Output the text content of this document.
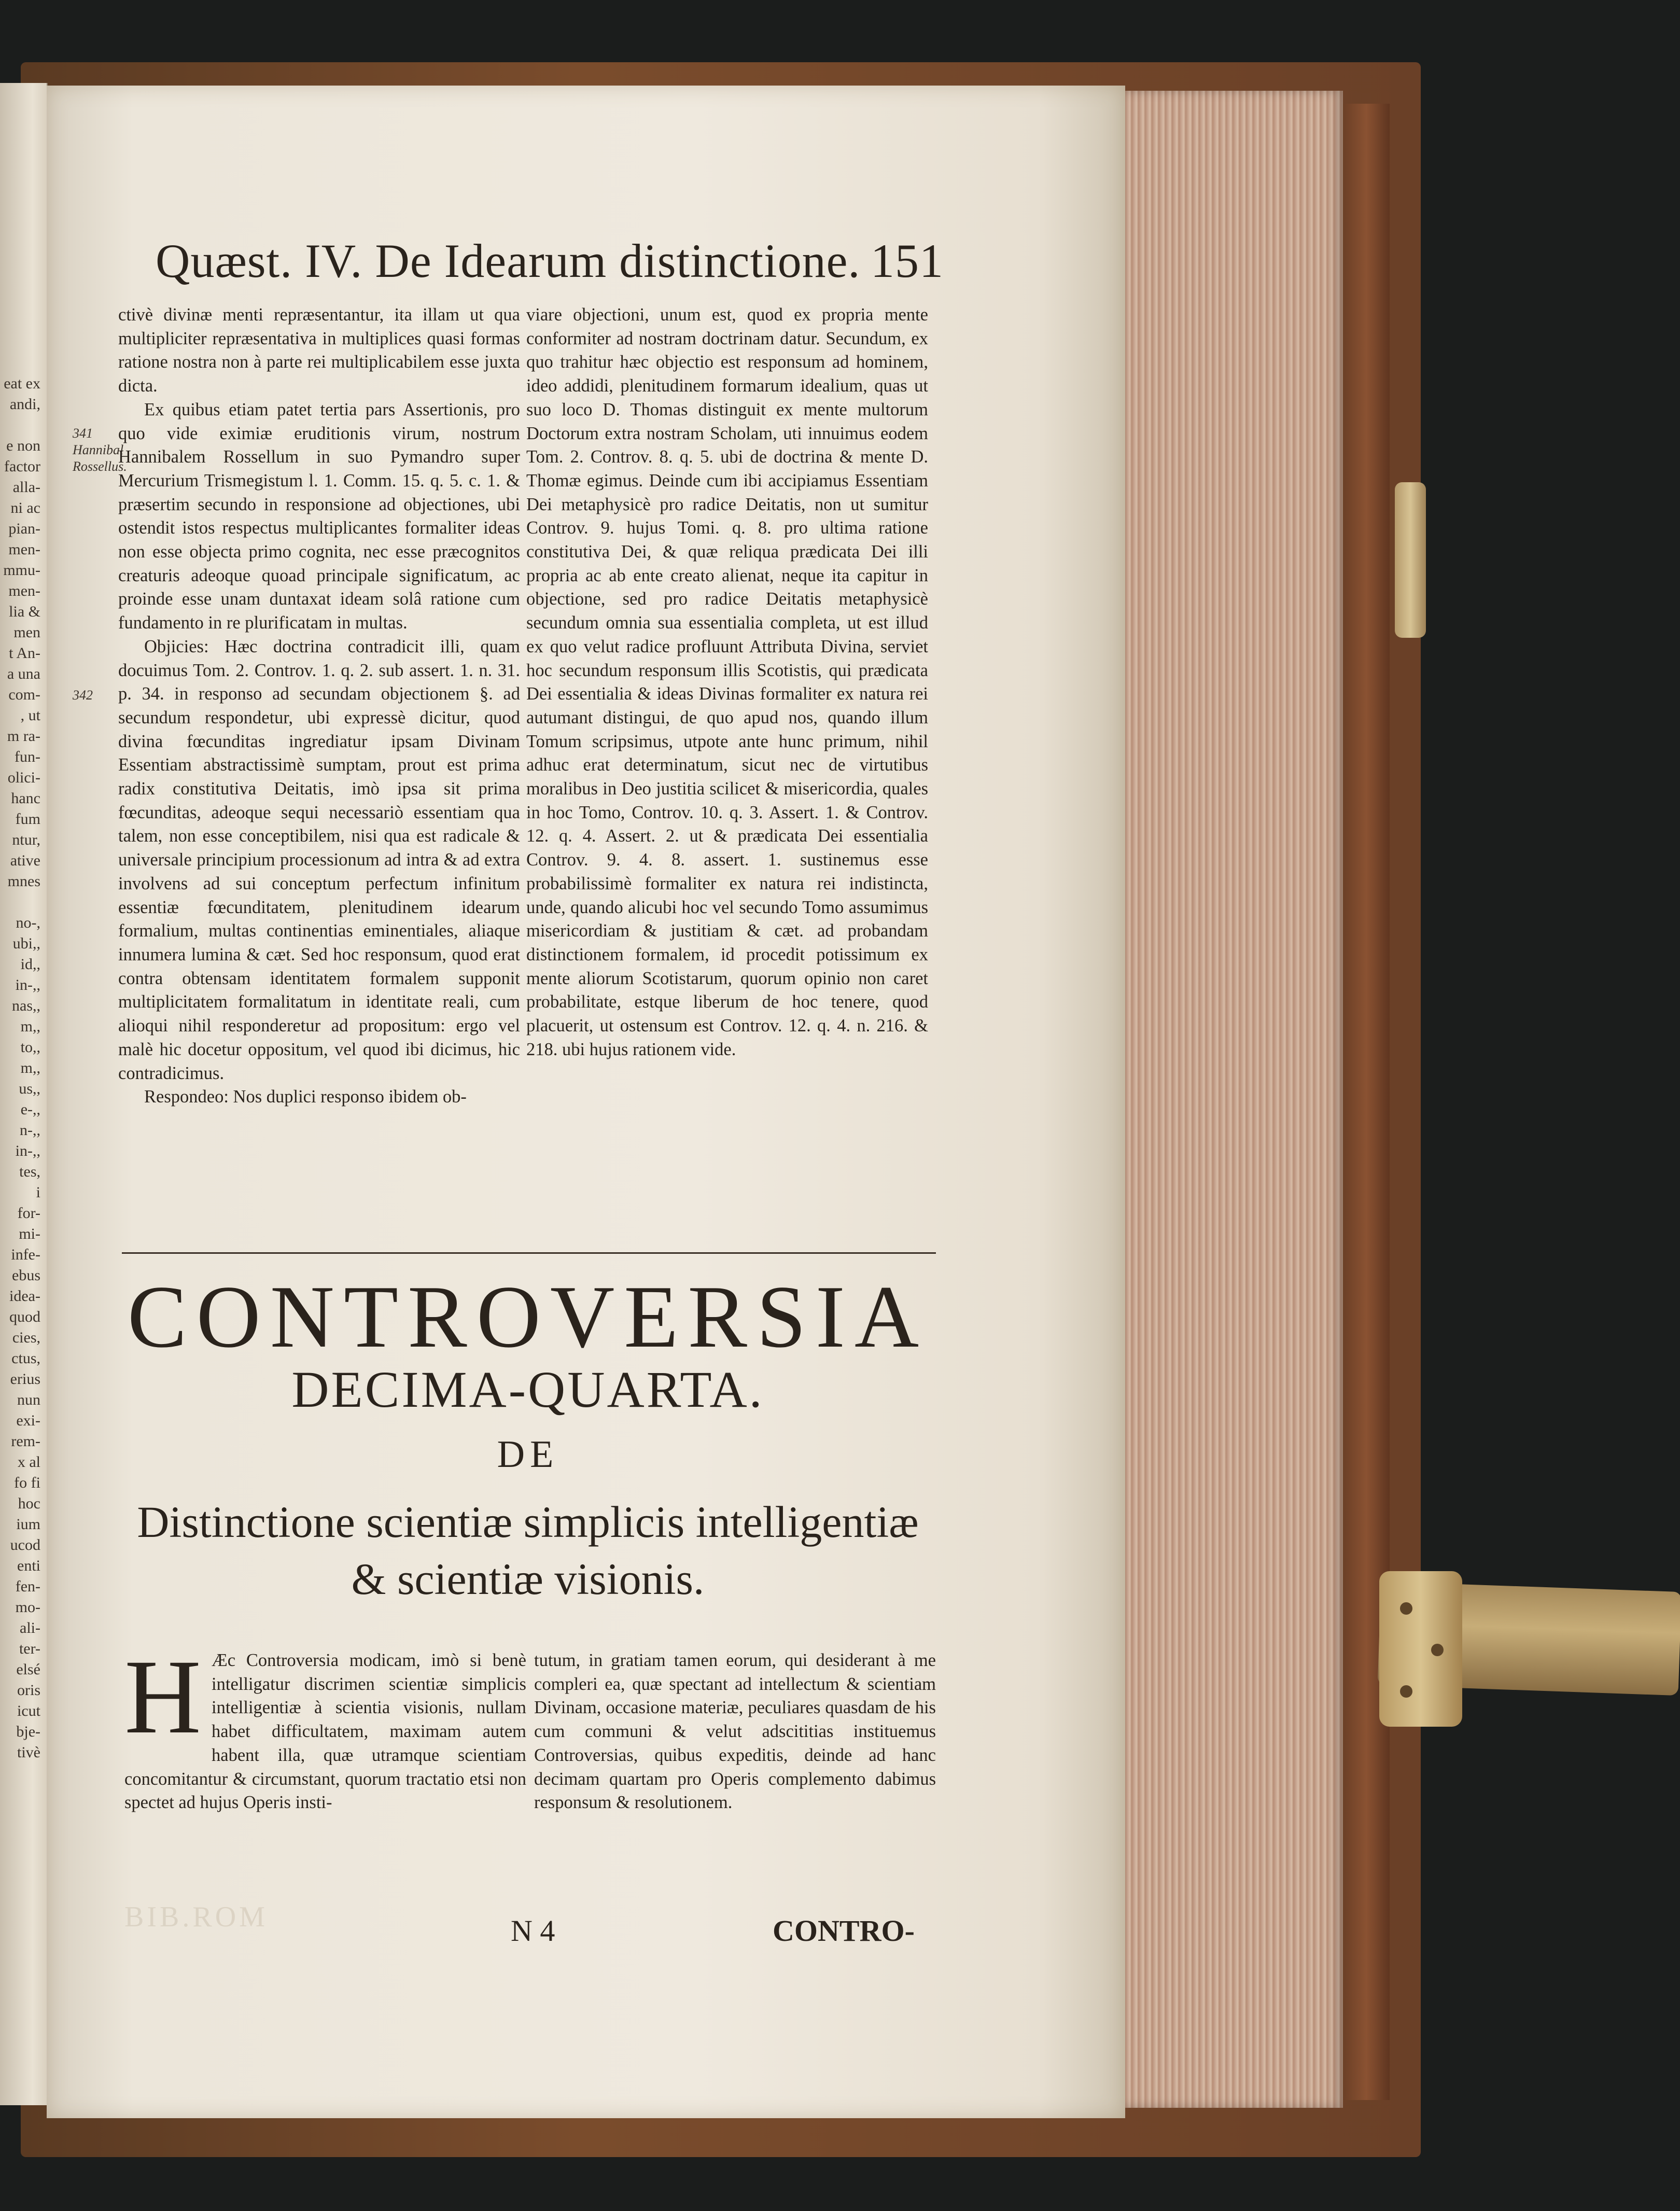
eat ex
andi,

e non
factor
alla-
ni ac
pian-
men-
mmu-
men-
lia &
men
t An-
a una
com-
, ut
m ra-
fun-
olici-
hanc
fum
ntur,
ative
mnes

no-,
ubi,,
id,,
in-,,
nas,,
m,,
to,,
m,,
us,,
e-,,
n-,,
in-,,
tes,
i
for-
mi-
infe-
ebus
idea-
quod
cies,
ctus,
erius
nun
exi-
rem-
x al
fo fi
hoc
ium
ucod
enti
fen-
mo-
ali-
ter-
elsé
oris
icut
bje-
tivè
Quæst. IV. De Idearum distinctione. 151
341
Hannibal
Rossellus.
342

ctivè divinæ menti repræsentantur, ita illam ut qua multipliciter repræsentativa in multiplices quasi formas ratione nostra non à parte rei multiplicabilem esse juxta dicta.

Ex quibus etiam patet tertia pars Assertionis, pro quo vide eximiæ eruditionis virum, nostrum Hannibalem Rossellum in suo Pymandro super Mercurium Trismegistum l. 1. Comm. 15. q. 5. c. 1. & præsertim secundo in responsione ad objectiones, ubi ostendit istos respectus multiplicantes formaliter ideas non esse objecta primo cognita, nec esse præcognitos creaturis adeoque quoad principale significatum, ac proinde esse unam duntaxat ideam solâ ratione cum fundamento in re plurificatam in multas.

Objicies: Hæc doctrina contradicit illi, quam docuimus Tom. 2. Controv. 1. q. 2. sub assert. 1. n. 31. p. 34. in responso ad secundam objectionem §. ad secundum respondetur, ubi expressè dicitur, quod divina fœcunditas ingrediatur ipsam Divinam Essentiam abstractissimè sumptam, prout est prima radix constitutiva Deitatis, imò ipsa sit prima fœcunditas, adeoque sequi necessariò essentiam qua talem, non esse conceptibilem, nisi qua est radicale & universale principium processionum ad intra & ad extra involvens ad sui conceptum perfectum infinitum essentiæ fœcunditatem, plenitudinem idearum formalium, multas continentias eminentiales, aliaque innumera lumina & cæt. Sed hoc responsum, quod erat contra obtensam identitatem formalem supponit multiplicitatem formalitatum in identitate reali, cum alioqui nihil responderetur ad propositum: ergo vel malè hic docetur oppositum, vel quod ibi dicimus, hic contradicimus.

Respondeo: Nos duplici responso ibidem ob-

viare objectioni, unum est, quod ex propria mente conformiter ad nostram doctrinam datur. Secundum, ex quo trahitur hæc objectio est responsum ad hominem, ideo addidi, plenitudinem formarum idealium, quas ut suo loco D. Thomas distinguit ex mente multorum Doctorum extra nostram Scholam, uti innuimus eodem Tom. 2. Controv. 8. q. 5. ubi de doctrina & mente D. Thomæ egimus. Deinde cum ibi accipiamus Essentiam Dei metaphysicè pro radice Deitatis, non ut sumitur Controv. 9. hujus Tomi. q. 8. pro ultima ratione constitutiva Dei, & quæ reliqua prædicata Dei illi propria ac ab ente creato alienat, neque ita capitur in objectione, sed pro radice Deitatis metaphysicè secundum omnia sua essentialia completa, ut est illud ex quo velut radice profluunt Attributa Divina, serviet hoc secundum responsum illis Scotistis, qui prædicata Dei essentialia & ideas Divinas formaliter ex natura rei autumant distingui, de quo apud nos, quando illum Tomum scripsimus, utpote ante hunc primum, nihil adhuc erat determinatum, sicut nec de virtutibus moralibus in Deo justitia scilicet & misericordia, quales in hoc Tomo, Controv. 10. q. 3. Assert. 1. & Controv. 12. q. 4. Assert. 2. ut & prædicata Dei essentialia Controv. 9. 4. 8. assert. 1. sustinemus esse probabilissimè formaliter ex natura rei indistincta, unde, quando alicubi hoc vel secundo Tomo assumimus misericordiam & justitiam & cæt. ad probandam distinctionem formalem, id procedit potissimum ex mente aliorum Scotistarum, quorum opinio non caret probabilitate, estque liberum de hoc tenere, quod placuerit, ut ostensum est Controv. 12. q. 4. n. 216. & 218. ubi hujus rationem vide.

CONTROVERSIA
DECIMA-QUARTA.
DE
Distinctione scientiæ simplicis intelligentiæ
& scientiæ visionis.
H Æc Controversia modicam, imò si benè intelligatur discrimen scientiæ simplicis intelligentiæ à scientia visionis, nullam habet difficultatem, maximam autem habent illa, quæ utramque scientiam concomitantur & circumstant, quorum tractatio etsi non spectet ad hujus Operis insti-

tutum, in gratiam tamen eorum, qui desiderant à me compleri ea, quæ spectant ad intellectum & scientiam Divinam, occasione materiæ, peculiares quasdam de his cum communi & velut adscititias instituemus Controversias, quibus expeditis, deinde ad hanc decimam quartam pro Operis complemento dabimus responsum & resolutionem.

BIB.ROM	N 4	CONTRO-
